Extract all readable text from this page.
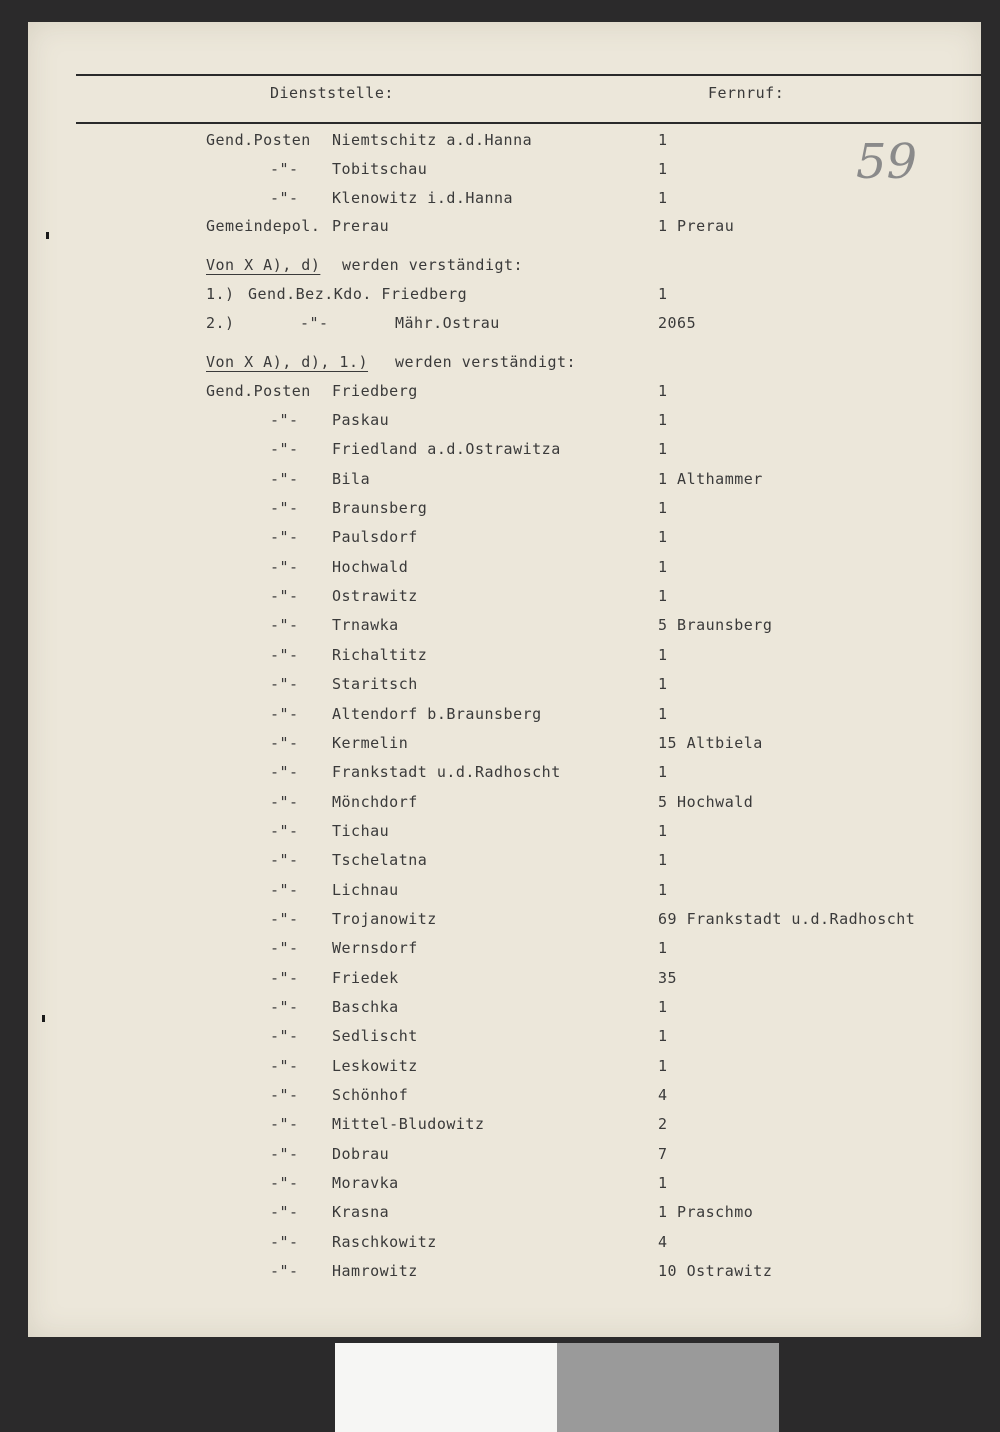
Dienststelle:	Fernruf:
59
Gend.Posten Niemtschitz a.d.Hanna	1
-"- Tobitschau	1
-"- Klenowitz i.d.Hanna	1
Gemeindepol. Prerau	1 Prerau
Von X A), d) werden verständigt:
1.) Gend.Bez.Kdo. Friedberg	1
2.)	-"-	Mähr.Ostrau	2065
Von X A), d), 1.) werden verständigt:
Gend.Posten Friedberg	1
-"- Paskau	1
-"- Friedland a.d.Ostrawitza	1
-"- Bila	1 Althammer
-"- Braunsberg	1
-"- Paulsdorf	1
-"- Hochwald	1
-"- Ostrawitz	1
-"- Trnawka	5 Braunsberg
-"- Richaltitz	1
-"- Staritsch	1
-"- Altendorf b.Braunsberg	1
-"- Kermelin	15 Altbiela
-"- Frankstadt u.d.Radhoscht	1
-"- Mönchdorf	5 Hochwald
-"- Tichau	1
-"- Tschelatna	1
-"- Lichnau	1
-"- Trojanowitz	69 Frankstadt u.d.Radhoscht
-"- Wernsdorf	1
-"- Friedek	35
-"- Baschka	1
-"- Sedlischt	1
-"- Leskowitz	1
-"- Schönhof	4
-"- Mittel-Bludowitz	2
-"- Dobrau	7
-"- Moravka	1
-"- Krasna	1 Praschmo
-"- Raschkowitz	4
-"- Hamrowitz	10 Ostrawitz
